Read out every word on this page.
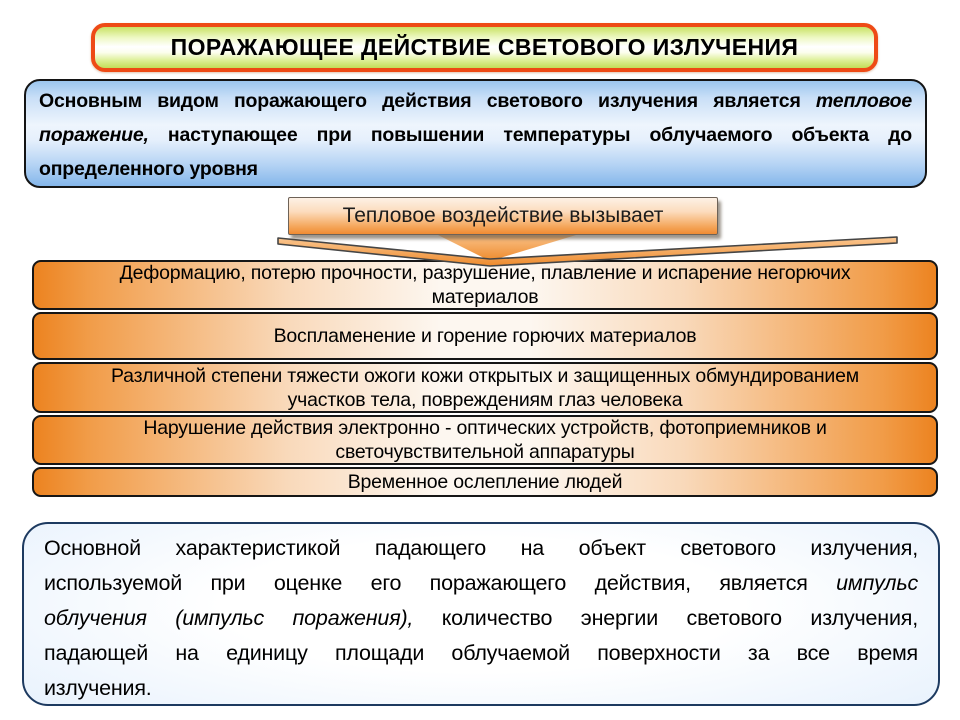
ПОРАЖАЮЩЕЕ ДЕЙСТВИЕ СВЕТОВОГО ИЗЛУЧЕНИЯ
Основным видом поражающего действия светового излучения является тепловое
поражение, наступающее при повышении температуры облучаемого объекта до
определенного уровня
Тепловое воздействие вызывает
Деформацию, потерю прочности, разрушение, плавление и испарение негорючих
материалов
Воспламенение и горение горючих материалов
Различной степени тяжести ожоги кожи открытых и защищенных обмундированием
участков тела, повреждениям глаз человека
Нарушение действия электронно - оптических устройств, фотоприемников и
светочувствительной аппаратуры
Временное ослепление людей
Основной характеристикой падающего на объект светового излучения,
используемой при оценке его поражающего действия, является импульс
облучения (импульс поражения), количество энергии светового излучения,
падающей на единицу площади облучаемой поверхности за все время
излучения.
